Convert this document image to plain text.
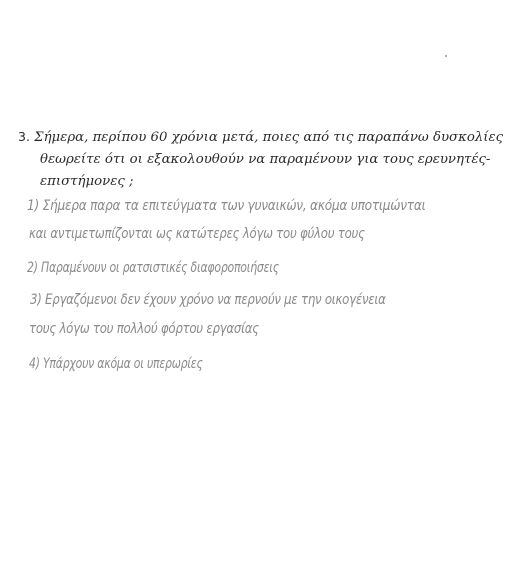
3. Σήμερα, περίπου 60 χρόνια μετά, ποιες από τις παραπάνω δυσκολίες
θεωρείτε ότι οι εξακολουθούν να παραμένουν για τους ερευνητές-
επιστήμονες ;
1) Σήμερα παρα τα επιτεύγματα των γυναικών, ακόμα υποτιμώνται
και αντιμετωπίζονται ως κατώτερες λόγω του φύλου τους
2) Παραμένουν οι ρατσιστικές διαφοροποιήσεις
3) Εργαζόμενοι δεν έχουν χρόνο να περνούν με την οικογένεια
τους λόγω του πολλού φόρτου εργασίας
4) Υπάρχουν ακόμα οι υπερωρίες
